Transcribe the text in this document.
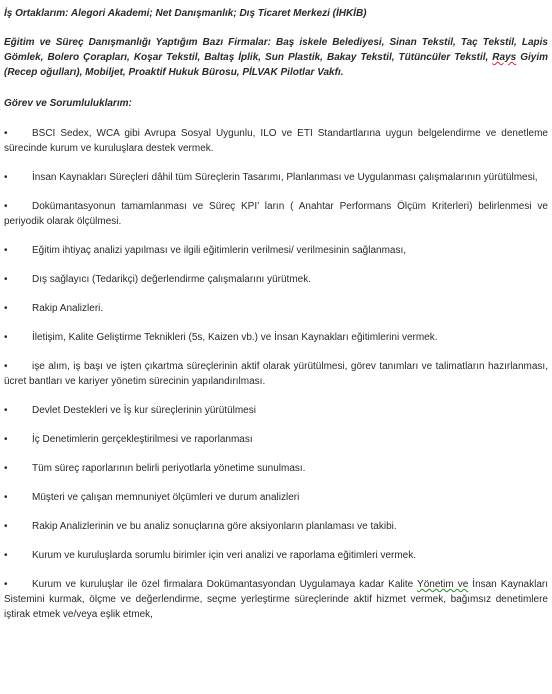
İş Ortaklarım: Alegori Akademi; Net Danışmanlık; Dış Ticaret Merkezi (İHKİB)

Eğitim ve Süreç Danışmanlığı Yaptığım Bazı Firmalar: Baş iskele Belediyesi, Sinan Tekstil, Taç Tekstil, Lapis Gömlek, Bolero Çorapları, Koşar Tekstil, Baltaş İplik, Sun Plastik, Bakay Tekstil, Tütüncüler Tekstil, Rays Giyim (Recep oğulları), Mobiljet, Proaktif Hukuk Bürosu, PİLVAK Pilotlar Vakfı.

Görev ve Sorumluluklarım:

• BSCI Sedex, WCA gibi Avrupa Sosyal Uygunlu, ILO ve ETI Standartlarına uygun belgelendirme ve denetleme sürecinde kurum ve kuruluşlara destek vermek.

• İnsan Kaynakları Süreçleri dâhil tüm Süreçlerin Tasarımı, Planlanması ve Uygulanması çalışmalarının yürütülmesi,

• Dokümantasyonun tamamlanması ve Süreç KPI’ ların ( Anahtar Performans Ölçüm Kriterleri) belirlenmesi ve periyodik olarak ölçülmesi.

• Eğitim ihtiyaç analizi yapılması ve ilgili eğitimlerin verilmesi/ verilmesinin sağlanması,

• Dış sağlayıcı (Tedarikçi) değerlendirme çalışmalarını yürütmek.

• Rakip Analizleri.

• İletişim, Kalite Geliştirme Teknikleri (5s, Kaizen vb.) ve İnsan Kaynakları eğitimlerini vermek.

• işe alım, iş başı ve işten çıkartma süreçlerinin aktif olarak yürütülmesi, görev tanımları ve talimatların hazırlanması, ücret bantları ve kariyer yönetim sürecinin yapılandırılması.

• Devlet Destekleri ve İş kur süreçlerinin yürütülmesi

• İç Denetimlerin gerçekleştirilmesi ve raporlanması

• Tüm süreç raporlarının belirli periyotlarla yönetime sunulması.

• Müşteri ve çalışan memnuniyet ölçümleri ve durum analizleri

• Rakip Analizlerinin ve bu analiz sonuçlarına göre aksiyonların planlaması ve takibi.

• Kurum ve kuruluşlarda sorumlu birimler için veri analizi ve raporlama eğitimleri vermek.

• Kurum ve kuruluşlar ile özel firmalara Dokümantasyondan Uygulamaya kadar Kalite Yönetim ve İnsan Kaynakları Sistemini kurmak, ölçme ve değerlendirme, seçme yerleştirme süreçlerinde aktif hizmet vermek, bağımsız denetimlere iştirak etmek ve/veya eşlik etmek,
